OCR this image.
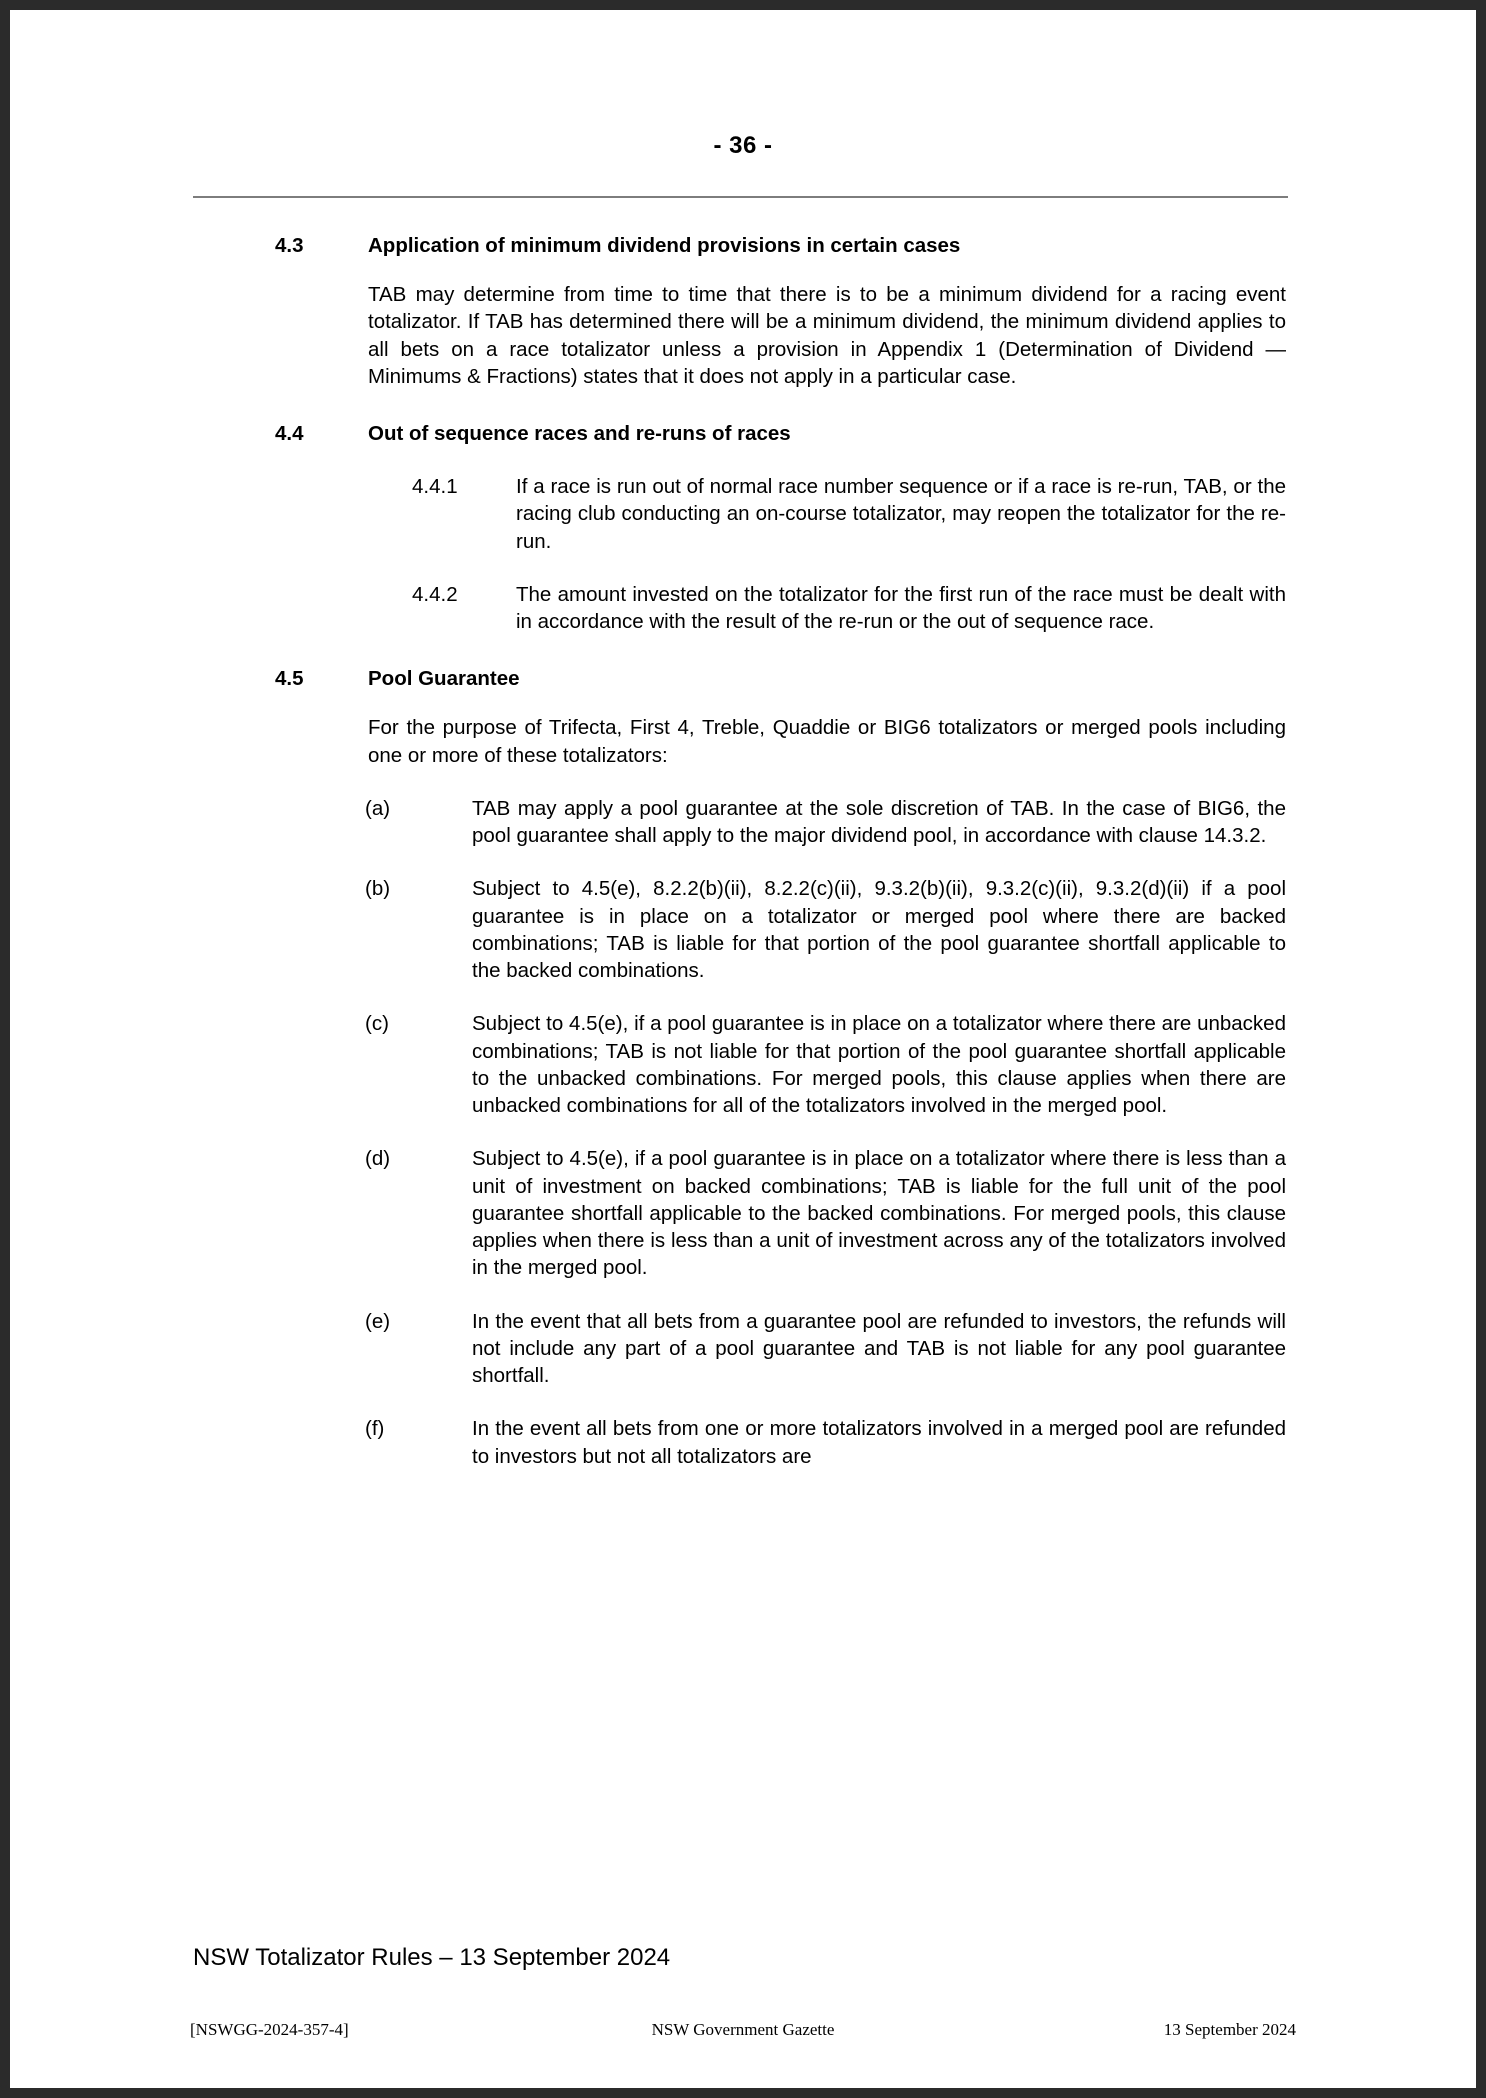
- 36 -
4.3	Application of minimum dividend provisions in certain cases
TAB may determine from time to time that there is to be a minimum dividend for a racing event totalizator. If TAB has determined there will be a minimum dividend, the minimum dividend applies to all bets on a race totalizator unless a provision in Appendix 1 (Determination of Dividend — Minimums & Fractions) states that it does not apply in a particular case.
4.4	Out of sequence races and re-runs of races
4.4.1	If a race is run out of normal race number sequence or if a race is re-run, TAB, or the racing club conducting an on-course totalizator, may reopen the totalizator for the re-run.
4.4.2	The amount invested on the totalizator for the first run of the race must be dealt with in accordance with the result of the re-run or the out of sequence race.
4.5	Pool Guarantee
For the purpose of Trifecta, First 4, Treble, Quaddie or BIG6 totalizators or merged pools including one or more of these totalizators:
(a)	TAB may apply a pool guarantee at the sole discretion of TAB. In the case of BIG6, the pool guarantee shall apply to the major dividend pool, in accordance with clause 14.3.2.
(b)	Subject to 4.5(e), 8.2.2(b)(ii), 8.2.2(c)(ii), 9.3.2(b)(ii), 9.3.2(c)(ii), 9.3.2(d)(ii) if a pool guarantee is in place on a totalizator or merged pool where there are backed combinations; TAB is liable for that portion of the pool guarantee shortfall applicable to the backed combinations.
(c)	Subject to 4.5(e), if a pool guarantee is in place on a totalizator where there are unbacked combinations; TAB is not liable for that portion of the pool guarantee shortfall applicable to the unbacked combinations. For merged pools, this clause applies when there are unbacked combinations for all of the totalizators involved in the merged pool.
(d)	Subject to 4.5(e), if a pool guarantee is in place on a totalizator where there is less than a unit of investment on backed combinations; TAB is liable for the full unit of the pool guarantee shortfall applicable to the backed combinations. For merged pools, this clause applies when there is less than a unit of investment across any of the totalizators involved in the merged pool.
(e)	In the event that all bets from a guarantee pool are refunded to investors, the refunds will not include any part of a pool guarantee and TAB is not liable for any pool guarantee shortfall.
(f)	In the event all bets from one or more totalizators involved in a merged pool are refunded to investors but not all totalizators are
NSW Totalizator Rules – 13 September 2024
[NSWGG-2024-357-4]	NSW Government Gazette	13 September 2024
